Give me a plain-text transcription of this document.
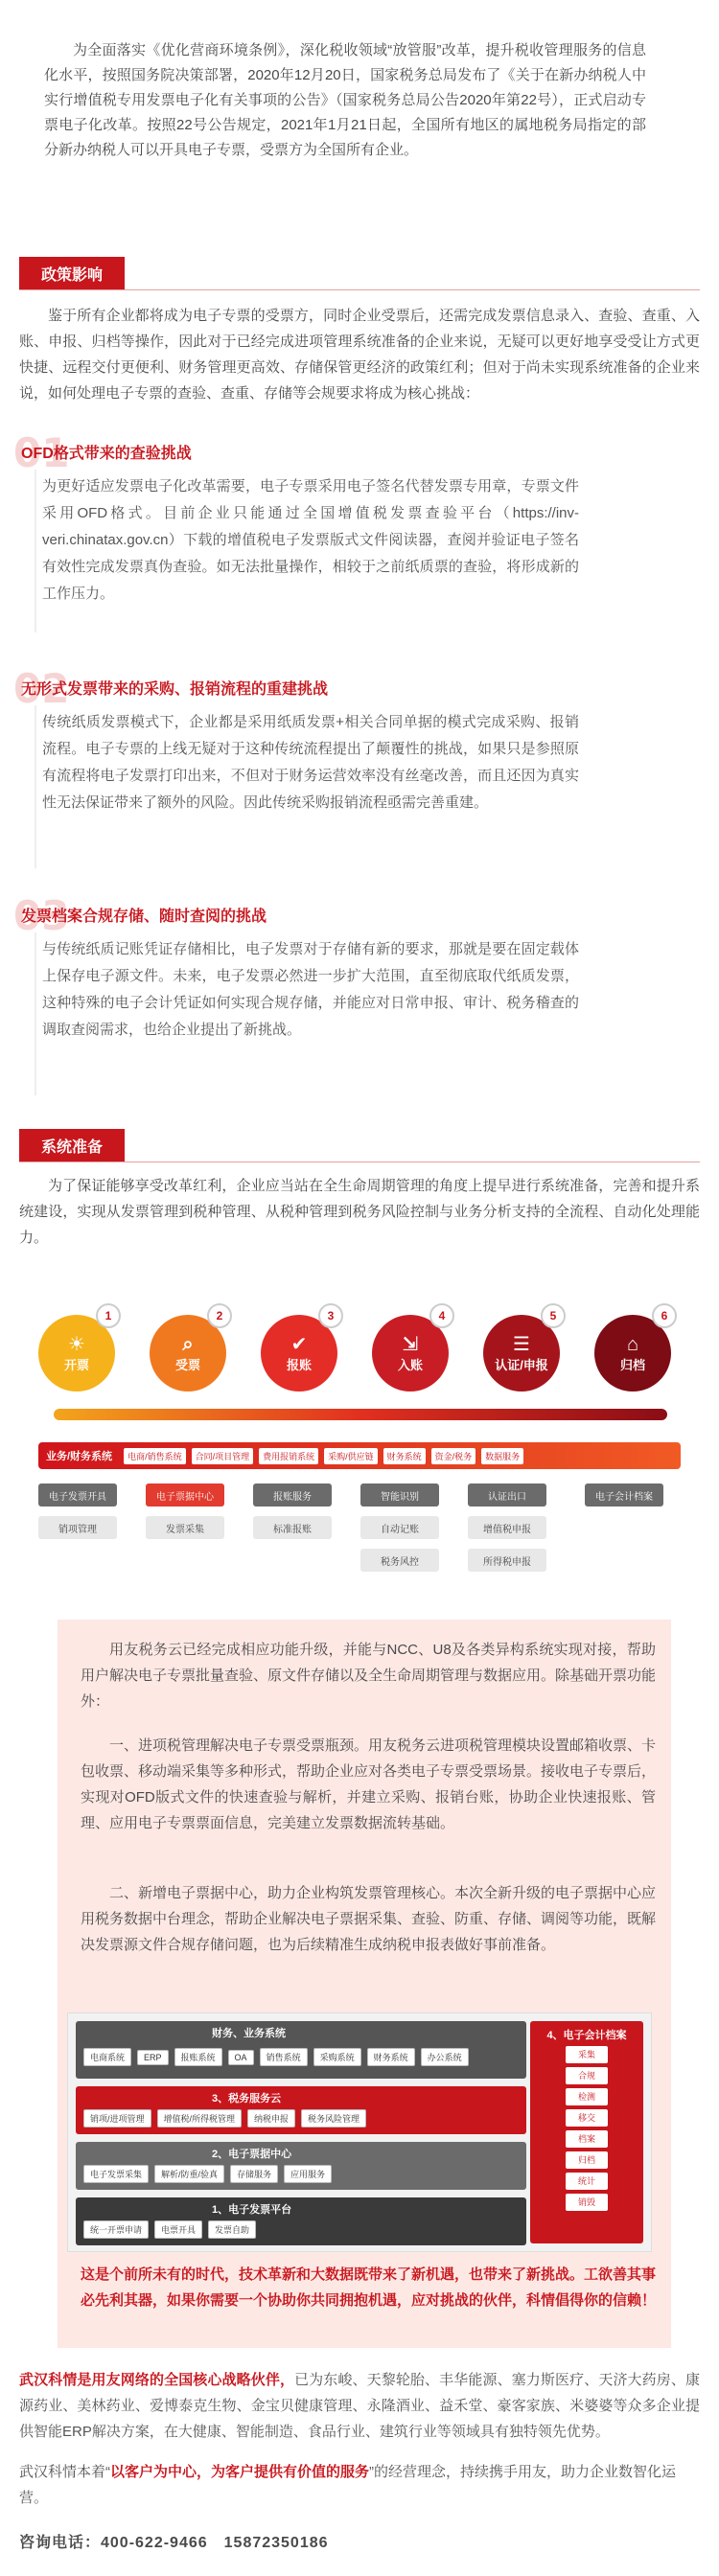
为全面落实《优化营商环境条例》，深化税收领域“放管服”改革，提升税收管理服务的信息化水平，按照国务院决策部署，2020年12月20日，国家税务总局发布了《关于在新办纳税人中实行增值税专用发票电子化有关事项的公告》（国家税务总局公告2020年第22号），正式启动专票电子化改革。按照22号公告规定，2021年1月21日起，全国所有地区的属地税务局指定的部分新办纳税人可以开具电子专票，受票方为全国所有企业。

政策影响

鉴于所有企业都将成为电子专票的受票方，同时企业受票后，还需完成发票信息录入、查验、查重、入账、申报、归档等操作，因此对于已经完成进项管理系统准备的企业来说，无疑可以更好地享受受让方式更快捷、远程交付更便利、财务管理更高效、存储保管更经济的政策红利；但对于尚未实现系统准备的企业来说，如何处理电子专票的查验、查重、存储等会规要求将成为核心挑战：

01
OFD格式带来的查验挑战

为更好适应发票电子化改革需要，电子专票采用电子签名代替发票专用章，专票文件采用OFD格式。目前企业只能通过全国增值税发票查验平台（https://inv-veri.chinatax.gov.cn）下载的增值税电子发票版式文件阅读器，查阅并验证电子签名有效性完成发票真伪查验。如无法批量操作，相较于之前纸质票的查验，将形成新的工作压力。

02
无形式发票带来的采购、报销流程的重建挑战

传统纸质发票模式下，企业都是采用纸质发票+相关合同单据的模式完成采购、报销流程。电子专票的上线无疑对于这种传统流程提出了颠覆性的挑战，如果只是参照原有流程将电子发票打印出来，不但对于财务运营效率没有丝毫改善，而且还因为真实性无法保证带来了额外的风险。因此传统采购报销流程亟需完善重建。

03
发票档案合规存储、随时查阅的挑战

与传统纸质记账凭证存储相比，电子发票对于存储有新的要求，那就是要在固定载体上保存电子源文件。未来，电子发票必然进一步扩大范围，直至彻底取代纸质发票，这种特殊的电子会计凭证如何实现合规存储，并能应对日常申报、审计、税务稽查的调取查阅需求，也给企业提出了新挑战。

系统准备

为了保证能够享受改革红利，企业应当站在全生命周期管理的角度上提早进行系统准备，完善和提升系统建设，实现从发票管理到税种管理、从税种管理到税务风险控制与业务分析支持的全流程、自动化处理能力。

☀
开票
1
⌕
受票
2
✔
报账
3
⇲
入账
4
☰
认证/申报
5
⌂
归档
6
业务/财务系统	电商/销售系统	合同/项目管理	费用报销系统	采购/供应链	财务系统	资金/税务	数据服务
电子发票开具	电子票据中心	报账服务	智能识别	认证出口	电子会计档案
销项管理	发票采集	标准报账	自动记账	增值税申报
税务风控	所得税申报

用友税务云已经完成相应功能升级，并能与NCC、U8及各类异构系统实现对接，帮助用户解决电子专票批量查验、原文件存储以及全生命周期管理与数据应用。除基础开票功能外：

一、进项税管理解决电子专票受票瓶颈。用友税务云进项税管理模块设置邮箱收票、卡包收票、移动端采集等多种形式，帮助企业应对各类电子专票受票场景。接收电子专票后，实现对OFD版式文件的快速查验与解析，并建立采购、报销台账，协助企业快速报账、管理、应用电子专票票面信息，完美建立发票数据流转基础。

二、新增电子票据中心，助力企业构筑发票管理核心。本次全新升级的电子票据中心应用税务数据中台理念，帮助企业解决电子票据采集、查验、防重、存储、调阅等功能，既解决发票源文件合规存储问题，也为后续精准生成纳税申报表做好事前准备。

财务、业务系统
电商系统	ERP	报账系统	OA	销售系统	采购系统	财务系统	办公系统
3、税务服务云
销项/进项管理	增值税/所得税管理	纳税申报	税务风险管理
2、电子票据中心
电子发票采集	解析/防重/验真	存储服务	应用服务
1、电子发票平台
统一开票申请	电票开具	发票自助
4、电子会计档案
采集
合规
检测
移交
档案
归档
统计
销毁

这是个前所未有的时代，技术革新和大数据既带来了新机遇，也带来了新挑战。工欲善其事必先利其器，如果你需要一个协助你共同拥抱机遇，应对挑战的伙伴，科情倡得你的信赖！

武汉科情是用友网络的全国核心战略伙伴，已为东峻、天黎轮胎、丰华能源、塞力斯医疗、天济大药房、康源药业、美林药业、爱博泰克生物、金宝贝健康管理、永隆酒业、益禾堂、豪客家族、米婆婆等众多企业提供智能ERP解决方案，在大健康、智能制造、食品行业、建筑行业等领域具有独特领先优势。

武汉科情本着“以客户为中心，为客户提供有价值的服务”的经营理念，持续携手用友，助力企业数智化运营。

咨询电话：400-622-9466　15872350186
